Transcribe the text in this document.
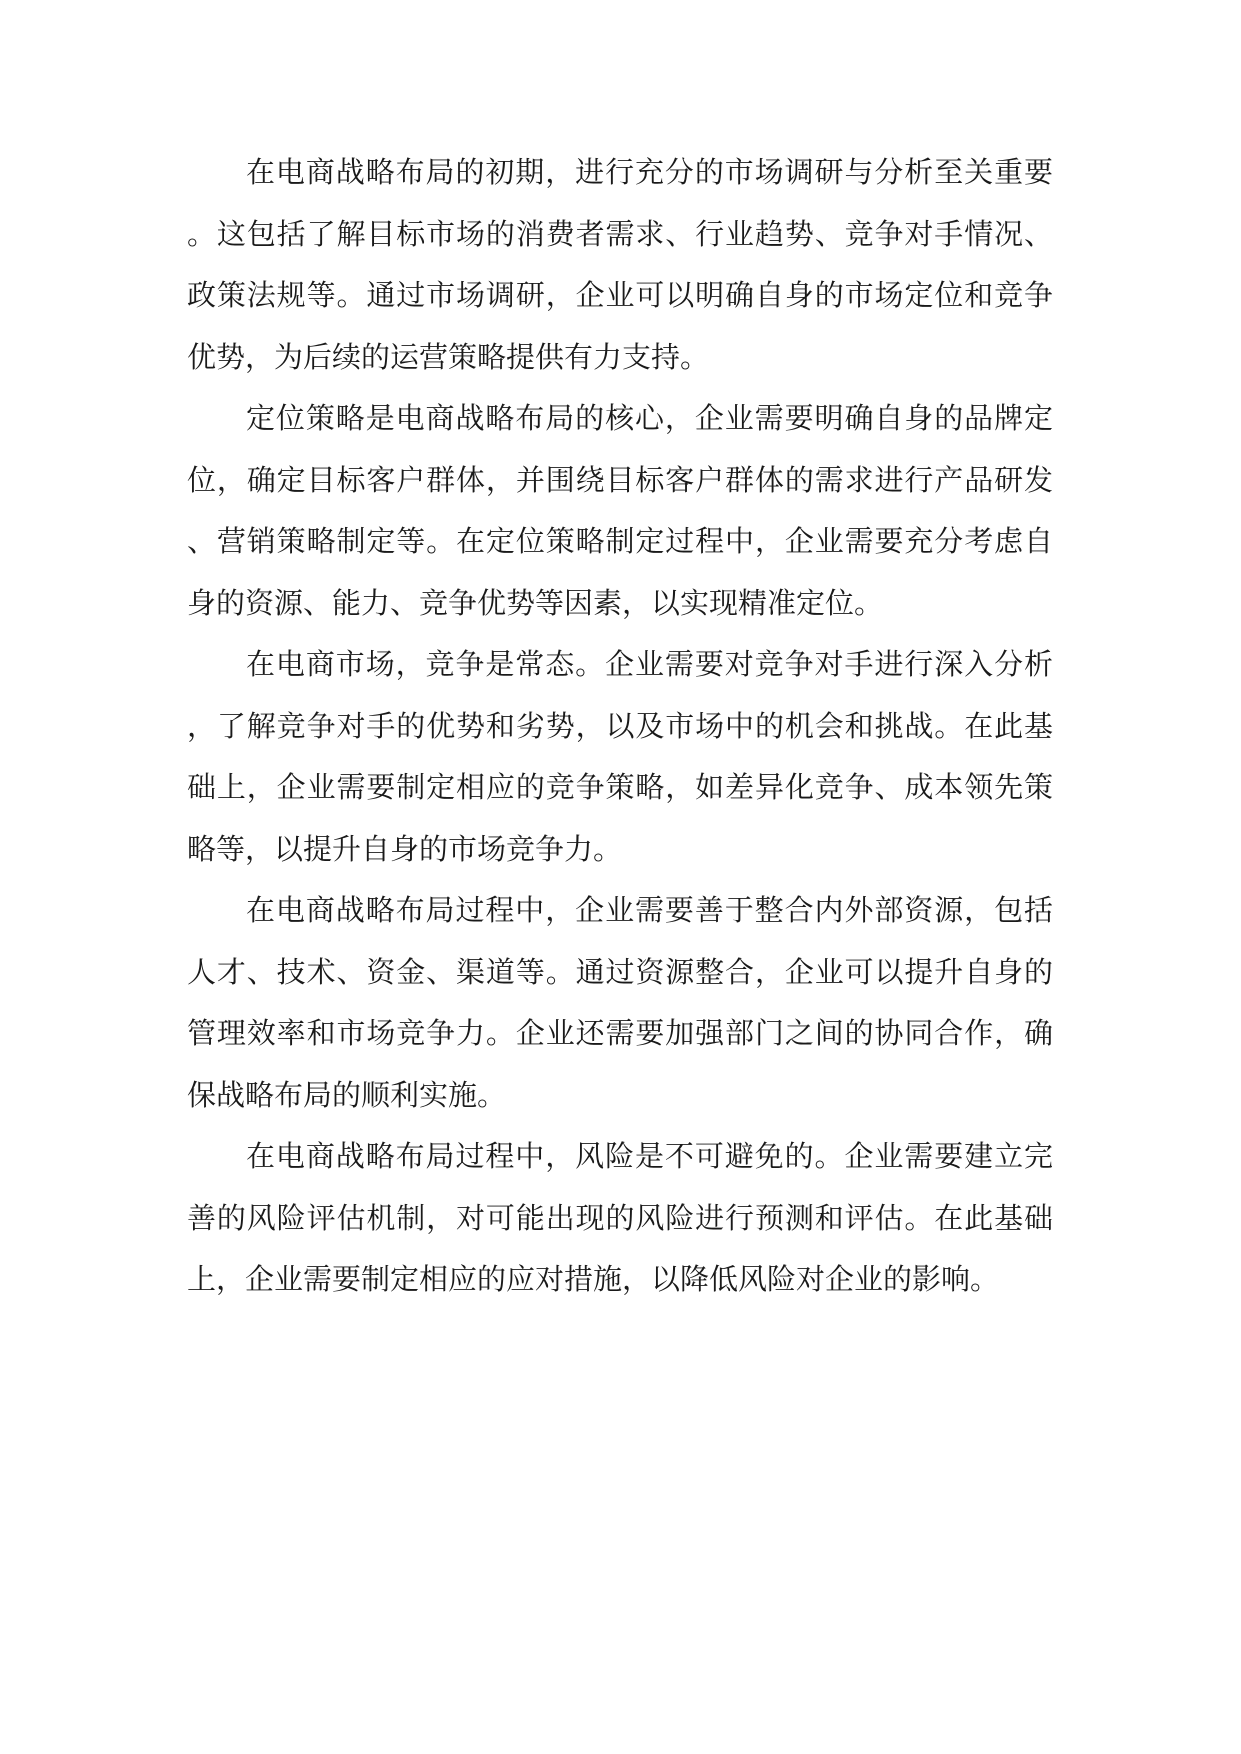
在电商战略布局的初期，进行充分的市场调研与分析至关重要。这包括了解目标市场的消费者需求、行业趋势、竞争对手情况、政策法规等。通过市场调研，企业可以明确自身的市场定位和竞争优势，为后续的运营策略提供有力支持。

定位策略是电商战略布局的核心，企业需要明确自身的品牌定位，确定目标客户群体，并围绕目标客户群体的需求进行产品研发、营销策略制定等。在定位策略制定过程中，企业需要充分考虑自身的资源、能力、竞争优势等因素，以实现精准定位。

在电商市场，竞争是常态。企业需要对竞争对手进行深入分析，了解竞争对手的优势和劣势，以及市场中的机会和挑战。在此基础上，企业需要制定相应的竞争策略，如差异化竞争、成本领先策略等，以提升自身的市场竞争力。

在电商战略布局过程中，企业需要善于整合内外部资源，包括人才、技术、资金、渠道等。通过资源整合，企业可以提升自身的管理效率和市场竞争力。企业还需要加强部门之间的协同合作，确保战略布局的顺利实施。

在电商战略布局过程中，风险是不可避免的。企业需要建立完善的风险评估机制，对可能出现的风险进行预测和评估。在此基础上，企业需要制定相应的应对措施，以降低风险对企业的影响。
